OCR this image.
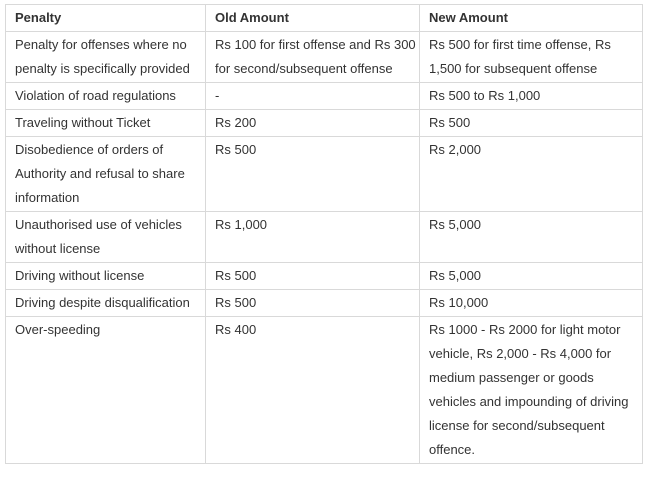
Penalty	Old Amount	New Amount
Penalty for offenses where no penalty is specifically provided	Rs 100 for first offense and Rs 300 for second/subsequent offense	Rs 500 for first time offense, Rs 1,500 for subsequent offense
Violation of road regulations	-	Rs 500 to Rs 1,000
Traveling without Ticket	Rs 200	Rs 500
Disobedience of orders of Authority and refusal to share information	Rs 500	Rs 2,000
Unauthorised use of vehicles without license	Rs 1,000	Rs 5,000
Driving without license	Rs 500	Rs 5,000
Driving despite disqualification	Rs 500	Rs 10,000
Over-speeding	Rs 400	Rs 1000 - Rs 2000 for light motor vehicle, Rs 2,000 - Rs 4,000 for medium passenger or goods vehicles and impounding of driving license for second/subsequent offence.
